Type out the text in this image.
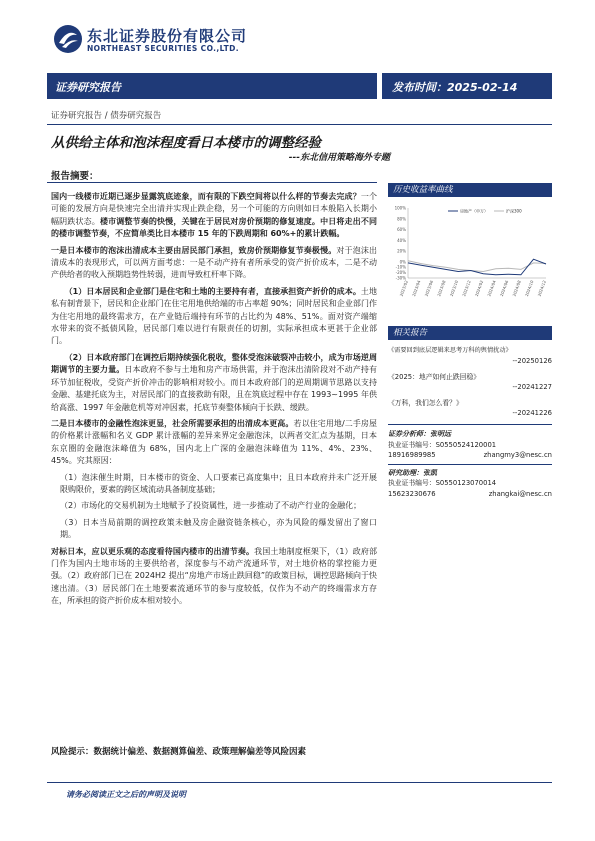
东北证券股份有限公司
NORTHEAST SECURITIES CO.,LTD.
证券研究报告	发布时间：2025-02-14
证券研究报告 / 债券研究报告
从供给主体和泡沫程度看日本楼市的调整经验
---东北信用策略海外专题
报告摘要：

国内一线楼市近期已逐步显露筑底迹象，而有限的下跌空间将以什么样的节奏去完成？一个可能的发展方向是快速完全出清并实现止跌企稳，另一个可能的方向则如日本般陷入长期小幅阴跌状态。楼市调整节奏的快慢，关键在于居民对房价预期的修复速度。中日将走出不同的楼市调整节奏，不应简单类比日本楼市 15 年的下跌周期和 60%+的累计跌幅。

一是日本楼市的泡沫出清成本主要由居民部门承担，致房价预期修复节奏极慢。对于泡沫出清成本的表现形式，可以两方面考虑：一是不动产持有者所承受的资产折价成本，二是不动产供给者的收入预期趋势性转弱，进而导致杠杆率下降。

（1）日本居民和企业部门是住宅和土地的主要持有者，直接承担资产折价的成本。土地私有制背景下，居民和企业部门在住宅用地供给端的市占率超 90%；同时居民和企业部门作为住宅用地的最终需求方，在产业链后端持有环节的占比约为 48%、51%。面对资产端缩水带来的资不抵债风险，居民部门难以进行有限责任的切割，实际承担成本更甚于企业部门。

（2）日本政府部门在调控后期持续强化税收，整体受泡沫破裂冲击较小，成为市场逆周期调节的主要力量。日本政府不参与土地和房产市场供需，并于泡沫出清阶段对不动产持有环节加征税收，受资产折价冲击的影响相对较小。而日本政府部门的逆周期调节思路以支持金融、基建托底为主，对居民部门的直接救助有限，且在筑底过程中存在 1993~1995 年供给高涨、1997 年金融危机等对冲因素，托底节奏整体倾向于长跌、缓跌。

二是日本楼市的金融性泡沫更显，社会所需要承担的出清成本更高。若以住宅用地/二手房屋的价格累计涨幅和名义 GDP 累计涨幅的差异来界定金融泡沫，以两者交汇点为基期，日本东京圈的金融泡沫峰值为 68%，国内北上广深的金融泡沫峰值为 11%、4%、23%、45%。究其原因：

（1）泡沫催生时期，日本楼市的资金、人口要素已高度集中；且日本政府并未广泛开展限购限价，要素的跨区域流动具备制度基础；

（2）市场化的交易机制为土地赋予了投资属性，进一步推动了不动产行业的金融化；

（3）日本当局前期的调控政策未触及房企融资链条核心，亦为风险的爆发留出了窗口期。

对标日本，应以更乐观的态度看待国内楼市的出清节奏。我国土地制度框架下，（1）政府部门作为国内土地市场的主要供给者，深度参与不动产流通环节，对土地价格的掌控能力更强。（2）政府部门已在 2024H2 提出“房地产市场止跌回稳”的政策目标，调控思路倾向于快速出清。（3）居民部门在土地要素流通环节的参与度较低，仅作为不动产的终端需求方存在，所承担的资产折价成本相对较小。

风险提示：数据统计偏差、数据测算偏差、政策理解偏差等风险因素
请务必阅读正文之后的声明及说明
历史收益率曲线
100%
80%
60%
40%
20%
0%
-10%
-20%
-30%
2023/02 2023/04 2023/06 2023/08 2023/10 2023/12 2024/02 2024/04 2024/06 2024/08 2024/10 2024/12
房地产（申万）	沪深300
相关报告
《需要回到底层逻辑来思考万科的舆情扰动》
--20250126
《2025：地产如何止跌回稳》
--20241227
《万科，我们怎么看？》
--20241226
证券分析师：张明远
执业证书编号：S0550524120001
18916989985	zhangmy3@nesc.cn
研究助理：张凯
执业证书编号：S0550123070014
15623230676	zhangkai@nesc.cn
